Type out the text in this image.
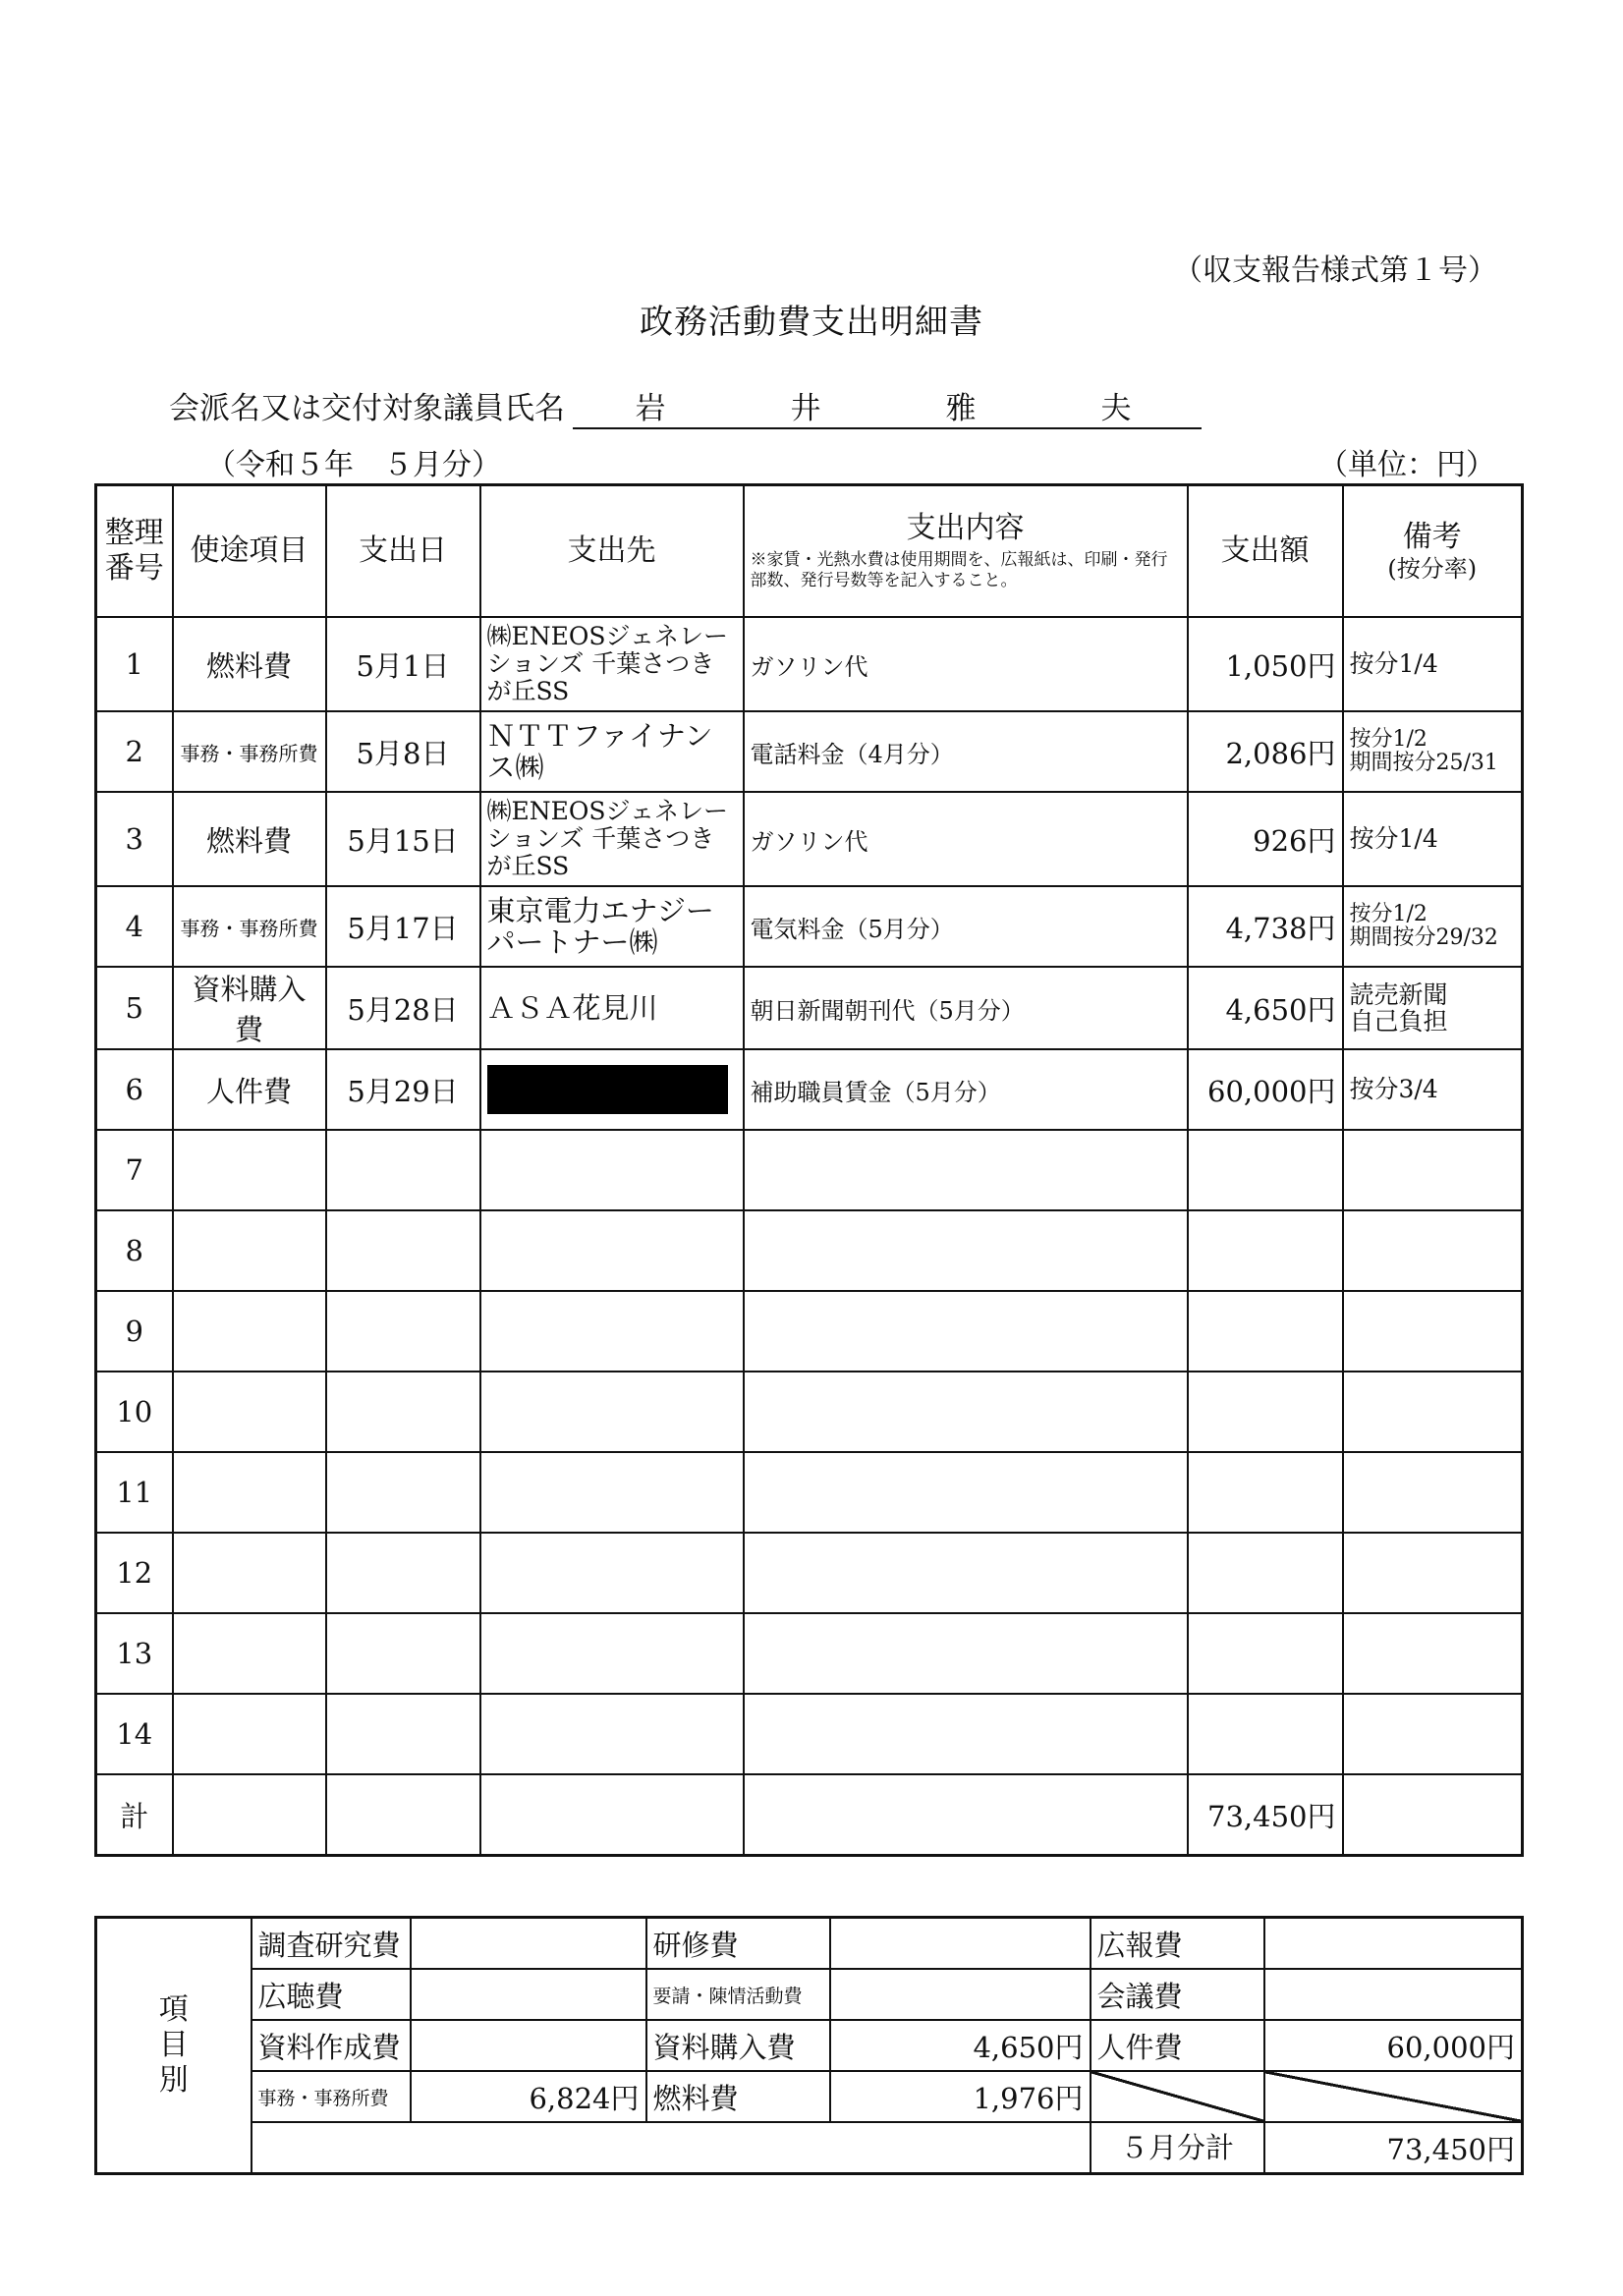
（収支報告様式第１号）
政務活動費支出明細書
会派名又は交付対象議員氏名 岩	井	雅	夫
（令和５年　５月分）	（単位：円）
整理番号	使途項目	支出日	支出先	支出内容
※家賃・光熱水費は使用期間を、広報紙は、印刷・発行部数、発行号数等を記入すること。	支出額	備考
(按分率)

1	燃料費	5月1日	㈱ENEOSジェネレーションズ 千葉さつきが丘SS	ガソリン代	1,050円	按分1/4

2	事務・事務所費	5月8日	ＮＴＴファイナンス㈱	電話料金（4月分）	2,086円	按分1/2
期間按分25/31

3	燃料費	5月15日	㈱ENEOSジェネレーションズ 千葉さつきが丘SS	ガソリン代	926円	按分1/4

4	事務・事務所費	5月17日	東京電力エナジーパートナー㈱	電気料金（5月分）	4,738円	按分1/2
期間按分29/32

5	資料購入費	5月28日	ＡＳＡ花見川	朝日新聞朝刊代（5月分）	4,650円	読売新聞
自己負担

6	人件費	5月29日		補助職員賃金（5月分）	60,000円	按分3/4

7						
8						
9						
10						
11						
12						
13						
14						
計					73,450円	
項目別	調査研究費		研修費		広報費	
	広聴費		要請・陳情活動費		会議費	
	資料作成費		資料購入費	4,650円	人件費	60,000円
	事務・事務所費	6,824円	燃料費	1,976円		
					５月分計	73,450円
